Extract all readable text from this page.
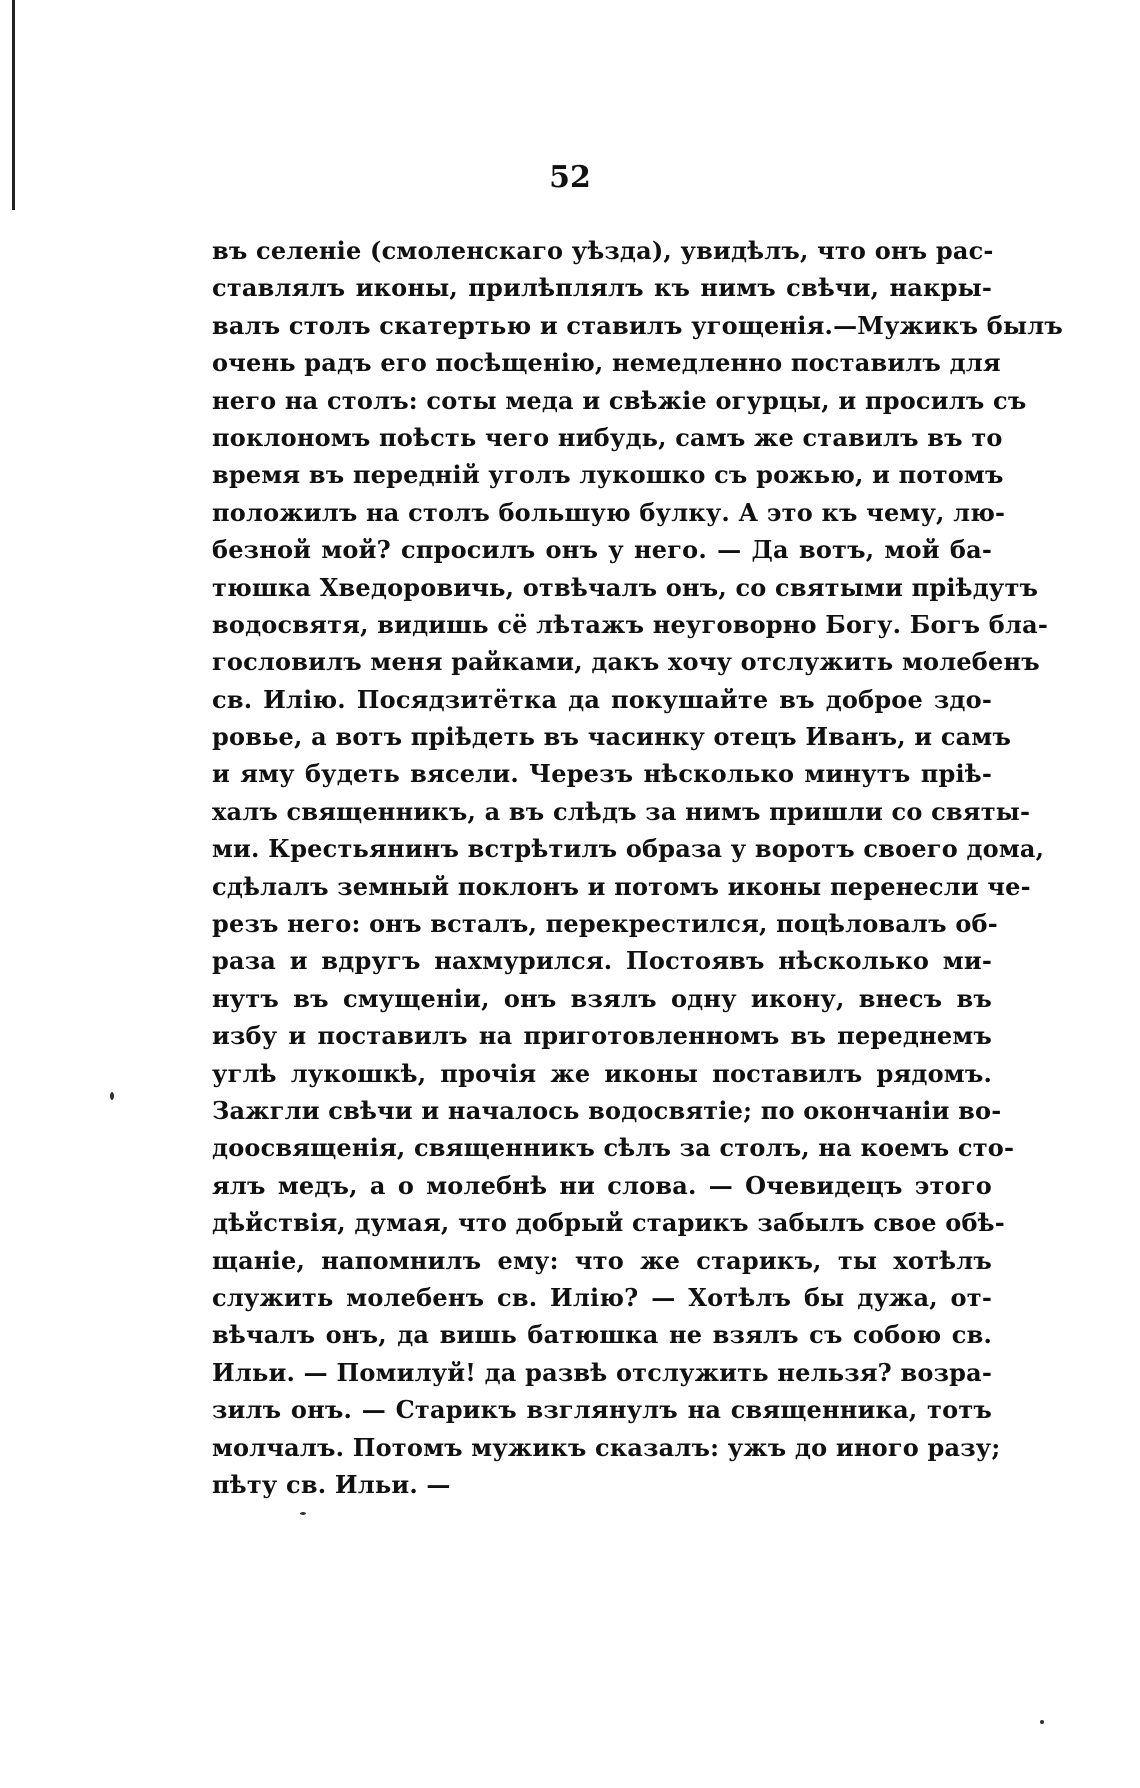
52
въ селеніе (смоленскаго уѣзда), увидѣлъ, что онъ рас-
ставлялъ иконы, прилѣплялъ къ нимъ свѣчи, накры-
валъ столъ скатертью и ставилъ угощенія.—Мужикъ былъ
очень радъ его посѣщенію, немедленно поставилъ для
него на столъ: соты меда и свѣжіе огурцы, и просилъ съ
поклономъ поѣсть чего нибудь, самъ же ставилъ въ то
время въ передній уголъ лукошко съ рожью, и потомъ
положилъ на столъ большую булку. А это къ чему, лю-
безной мой? спросилъ онъ у него. — Да вотъ, мой ба-
тюшка Хведоровичь, отвѣчалъ онъ, со святыми пріѣдутъ
водосвятя, видишь сё лѣтажъ неуговорно Богу. Богъ бла-
гословилъ меня райками, дакъ хочу отслужить молебенъ
св. Илію. Посядзитётка да покушайте въ доброе здо-
ровье, а вотъ пріѣдеть въ часинку отецъ Иванъ, и самъ
и яму будеть вясели. Черезъ нѣсколько минутъ пріѣ-
халъ священникъ, а въ слѣдъ за нимъ пришли со святы-
ми. Крестьянинъ встрѣтилъ образа у воротъ своего дома,
сдѣлалъ земный поклонъ и потомъ иконы перенесли че-
резъ него: онъ всталъ, перекрестился, поцѣловалъ об-
раза и вдругъ нахмурился. Постоявъ нѣсколько ми-
нутъ въ смущеніи, онъ взялъ одну икону, внесъ въ
избу и поставилъ на приготовленномъ въ переднемъ
углѣ лукошкѣ, прочія же иконы поставилъ рядомъ.
Зажгли свѣчи и началось водосвятіе; по окончаніи во-
доосвященія, священникъ сѣлъ за столъ, на коемъ сто-
ялъ медъ, а о молебнѣ ни слова. — Очевидецъ этого
дѣйствія, думая, что добрый старикъ забылъ свое обѣ-
щаніе, напомнилъ ему: что же старикъ, ты хотѣлъ
служить молебенъ св. Илію? — Хотѣлъ бы дужа, от-
вѣчалъ онъ, да вишь батюшка не взялъ съ собою св.
Ильи. — Помилуй! да развѣ отслужить нельзя? возра-
зилъ онъ. — Старикъ взглянулъ на священника, тотъ
молчалъ. Потомъ мужикъ сказалъ: ужъ до иного разу;
пѣту св. Ильи. —
